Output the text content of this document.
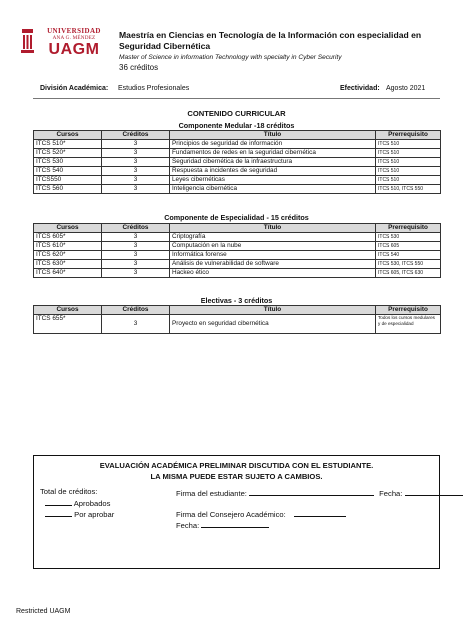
UNIVERSIDAD
ANA G. MÉNDEZ
UAGM
Maestría en Ciencias en Tecnología de la Información con especialidad en Seguridad Cibernética
Master of Science in information Technology with specialty in Cyber Security
36 créditos
División Académica: Estudios Profesionales	Efectividad: Agosto 2021
CONTENIDO CURRICULAR
Componente Medular -18 créditos
Cursos	Créditos	Título	Prerrequisito
ITCS 510*	3	Principios de seguridad de información	ITCS 510
ITCS 520*	3	Fundamentos de redes en la seguridad cibernética	ITCS 510
ITCS 530	3	Seguridad cibernética de la infraestructura	ITCS 510
ITCS 540	3	Respuesta a incidentes de seguridad	ITCS 510
ITCS550	3	Leyes cibernéticas	ITCS 510
ITCS 560	3	Inteligencia cibernética	ITCS 510, ITCS 550
Componente de Especialidad - 15 créditos
Cursos	Créditos	Título	Prerrequisito
ITCS 605*	3	Criptografía	ITCS 530
ITCS 610*	3	Computación en la nube	ITCS 605
ITCS 620*	3	Informática forense	ITCS 540
ITCS 630*	3	Análisis de vulnerabilidad de software	ITCS 530, ITCS 550
ITCS 640*	3	Hackeo ético	ITCS 605, ITCS 630
Electivas - 3 créditos
Cursos	Créditos	Título	Prerrequisito
ITCS 655*	3	Proyecto en seguridad cibernética	Todos los cursos medulares y de especialidad
EVALUACIÓN ACADÉMICA PRELIMINAR DISCUTIDA CON EL ESTUDIANTE.
LA MISMA PUEDE ESTAR SUJETO A CAMBIOS.
Total de créditos:
Aprobados
Por aprobar
Firma del estudiante:	Fecha:
Firma del Consejero Académico:
Fecha:
Restricted UAGM
